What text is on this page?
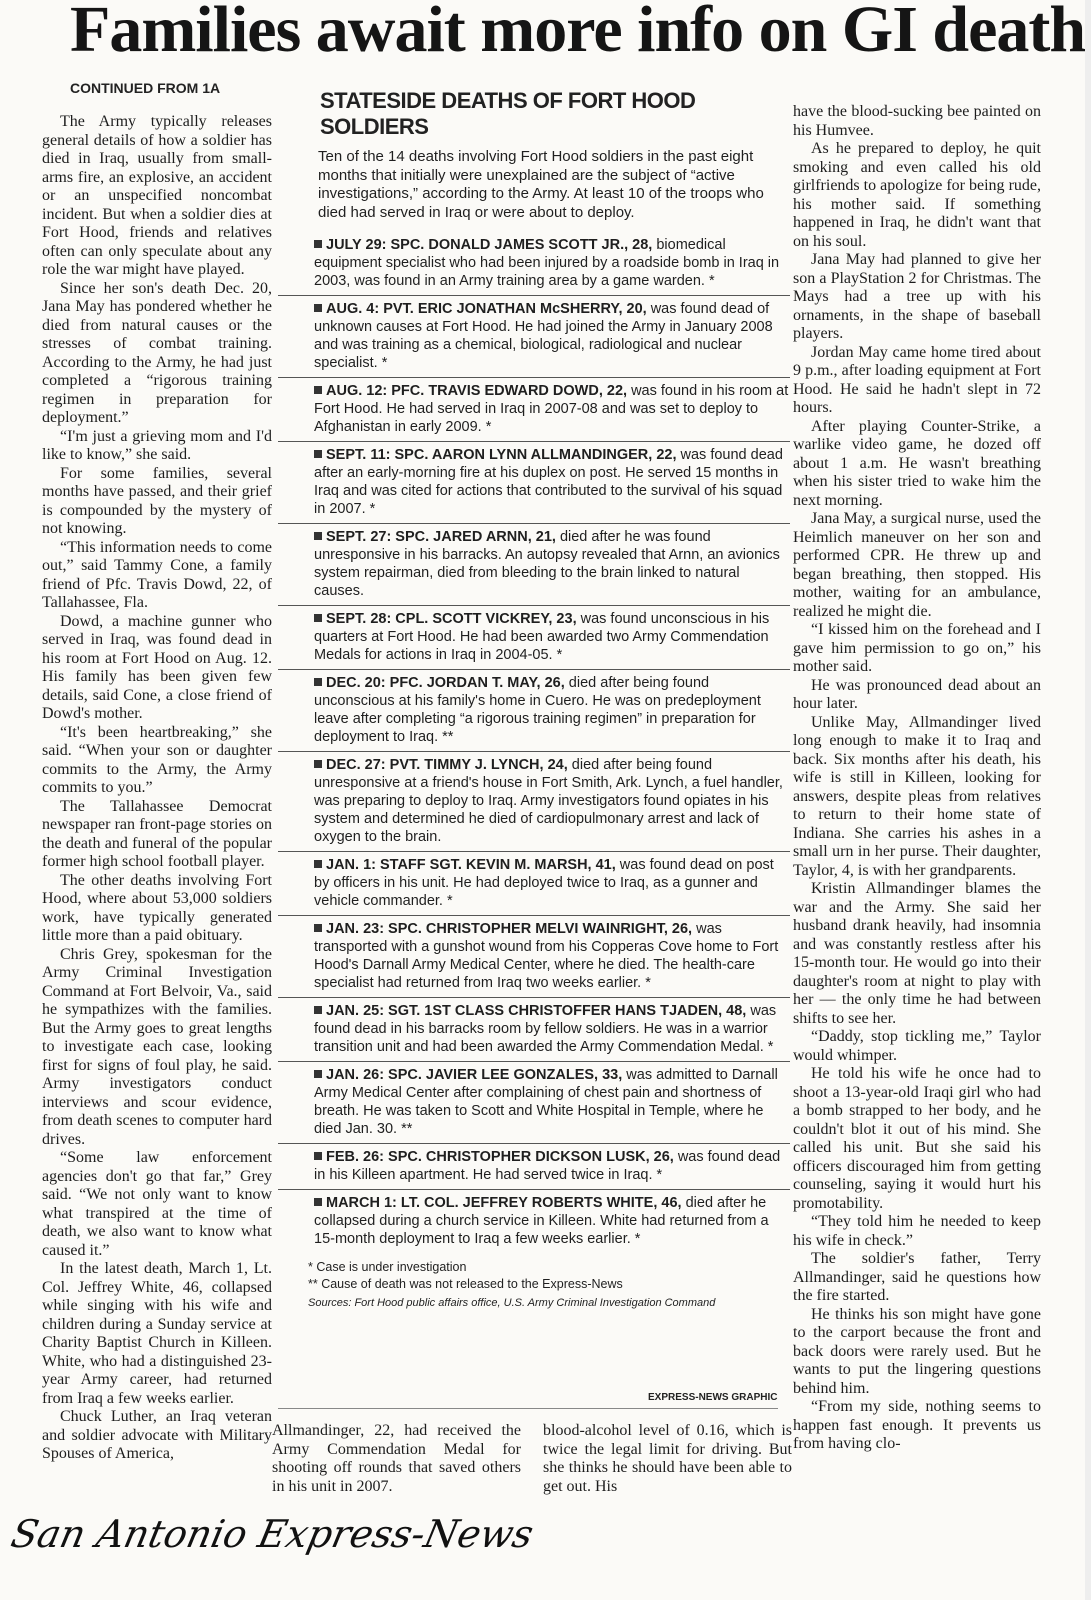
Families await more info on GI death
CONTINUED FROM 1A

The Army typically releases general details of how a soldier has died in Iraq, usually from small-arms fire, an explosive, an accident or an unspecified noncombat incident. But when a soldier dies at Fort Hood, friends and relatives often can only speculate about any role the war might have played.

Since her son's death Dec. 20, Jana May has pondered whether he died from natural causes or the stresses of combat training. According to the Army, he had just completed a “rigorous training regimen in preparation for deployment.”

“I'm just a grieving mom and I'd like to know,” she said.

For some families, several months have passed, and their grief is compounded by the mystery of not knowing.

“This information needs to come out,” said Tammy Cone, a family friend of Pfc. Travis Dowd, 22, of Tallahassee, Fla.

Dowd, a machine gunner who served in Iraq, was found dead in his room at Fort Hood on Aug. 12. His family has been given few details, said Cone, a close friend of Dowd's mother.

“It's been heartbreaking,” she said. “When your son or daughter commits to the Army, the Army commits to you.”

The Tallahassee Democrat newspaper ran front-page stories on the death and funeral of the popular former high school football player.

The other deaths involving Fort Hood, where about 53,000 soldiers work, have typically generated little more than a paid obituary.

Chris Grey, spokesman for the Army Criminal Investigation Command at Fort Belvoir, Va., said he sympathizes with the families. But the Army goes to great lengths to investigate each case, looking first for signs of foul play, he said. Army investigators conduct interviews and scour evidence, from death scenes to computer hard drives.

“Some law enforcement agencies don't go that far,” Grey said. “We not only want to know what transpired at the time of death, we also want to know what caused it.”

In the latest death, March 1, Lt. Col. Jeffrey White, 46, collapsed while singing with his wife and children during a Sunday service at Charity Baptist Church in Killeen. White, who had a distinguished 23-year Army career, had returned from Iraq a few weeks earlier.

Chuck Luther, an Iraq veteran and soldier advocate with Military Spouses of America,

STATESIDE DEATHS OF FORT HOOD SOLDIERS
Ten of the 14 deaths involving Fort Hood soldiers in the past eight months that initially were unexplained are the subject of “active investigations,” according to the Army. At least 10 of the troops who died had served in Iraq or were about to deploy.
JULY 29: SPC. DONALD JAMES SCOTT JR., 28, biomedical equipment specialist who had been injured by a roadside bomb in Iraq in 2003, was found in an Army training area by a game warden. *
AUG. 4: PVT. ERIC JONATHAN McSHERRY, 20, was found dead of unknown causes at Fort Hood. He had joined the Army in January 2008 and was training as a chemical, biological, radiological and nuclear specialist. *
AUG. 12: PFC. TRAVIS EDWARD DOWD, 22, was found in his room at Fort Hood. He had served in Iraq in 2007-08 and was set to deploy to Afghanistan in early 2009. *
SEPT. 11: SPC. AARON LYNN ALLMANDINGER, 22, was found dead after an early-morning fire at his duplex on post. He served 15 months in Iraq and was cited for actions that contributed to the survival of his squad in 2007. *
SEPT. 27: SPC. JARED ARNN, 21, died after he was found unresponsive in his barracks. An autopsy revealed that Arnn, an avionics system repairman, died from bleeding to the brain linked to natural causes.
SEPT. 28: CPL. SCOTT VICKREY, 23, was found unconscious in his quarters at Fort Hood. He had been awarded two Army Commendation Medals for actions in Iraq in 2004-05. *
DEC. 20: PFC. JORDAN T. MAY, 26, died after being found unconscious at his family's home in Cuero. He was on predeployment leave after completing “a rigorous training regimen” in preparation for deployment to Iraq. **
DEC. 27: PVT. TIMMY J. LYNCH, 24, died after being found unresponsive at a friend's house in Fort Smith, Ark. Lynch, a fuel handler, was preparing to deploy to Iraq. Army investigators found opiates in his system and determined he died of cardiopulmonary arrest and lack of oxygen to the brain.
JAN. 1: STAFF SGT. KEVIN M. MARSH, 41, was found dead on post by officers in his unit. He had deployed twice to Iraq, as a gunner and vehicle commander. *
JAN. 23: SPC. CHRISTOPHER MELVI WAINRIGHT, 26, was transported with a gunshot wound from his Copperas Cove home to Fort Hood's Darnall Army Medical Center, where he died. The health-care specialist had returned from Iraq two weeks earlier. *
JAN. 25: SGT. 1ST CLASS CHRISTOFFER HANS TJADEN, 48, was found dead in his barracks room by fellow soldiers. He was in a warrior transition unit and had been awarded the Army Commendation Medal. *
JAN. 26: SPC. JAVIER LEE GONZALES, 33, was admitted to Darnall Army Medical Center after complaining of chest pain and shortness of breath. He was taken to Scott and White Hospital in Temple, where he died Jan. 30. **
FEB. 26: SPC. CHRISTOPHER DICKSON LUSK, 26, was found dead in his Killeen apartment. He had served twice in Iraq. *
MARCH 1: LT. COL. JEFFREY ROBERTS WHITE, 46, died after he collapsed during a church service in Killeen. White had returned from a 15-month deployment to Iraq a few weeks earlier. *
* Case is under investigation
** Cause of death was not released to the Express-News
Sources: Fort Hood public affairs office, U.S. Army Criminal Investigation Command
EXPRESS-NEWS GRAPHIC

Allmandinger, 22, had received the Army Commendation Medal for shooting off rounds that saved others in his unit in 2007.

blood-alcohol level of 0.16, which is twice the legal limit for driving. But she thinks he should have been able to get out. His

have the blood-sucking bee painted on his Humvee.

As he prepared to deploy, he quit smoking and even called his old girlfriends to apologize for being rude, his mother said. If something happened in Iraq, he didn't want that on his soul.

Jana May had planned to give her son a PlayStation 2 for Christmas. The Mays had a tree up with his ornaments, in the shape of baseball players.

Jordan May came home tired about 9 p.m., after loading equipment at Fort Hood. He said he hadn't slept in 72 hours.

After playing Counter-Strike, a warlike video game, he dozed off about 1 a.m. He wasn't breathing when his sister tried to wake him the next morning.

Jana May, a surgical nurse, used the Heimlich maneuver on her son and performed CPR. He threw up and began breathing, then stopped. His mother, waiting for an ambulance, realized he might die.

“I kissed him on the forehead and I gave him permission to go on,” his mother said.

He was pronounced dead about an hour later.

Unlike May, Allmandinger lived long enough to make it to Iraq and back. Six months after his death, his wife is still in Killeen, looking for answers, despite pleas from relatives to return to their home state of Indiana. She carries his ashes in a small urn in her purse. Their daughter, Taylor, 4, is with her grandparents.

Kristin Allmandinger blames the war and the Army. She said her husband drank heavily, had insomnia and was constantly restless after his 15-month tour. He would go into their daughter's room at night to play with her — the only time he had between shifts to see her.

“Daddy, stop tickling me,” Taylor would whimper.

He told his wife he once had to shoot a 13-year-old Iraqi girl who had a bomb strapped to her body, and he couldn't blot it out of his mind. She called his unit. But she said his officers discouraged him from getting counseling, saying it would hurt his promotability.

“They told him he needed to keep his wife in check.”

The soldier's father, Terry Allmandinger, said he questions how the fire started.

He thinks his son might have gone to the carport because the front and back doors were rarely used. But he wants to put the lingering questions behind him.

“From my side, nothing seems to happen fast enough. It prevents us from having clo-

San Antonio Express-News
